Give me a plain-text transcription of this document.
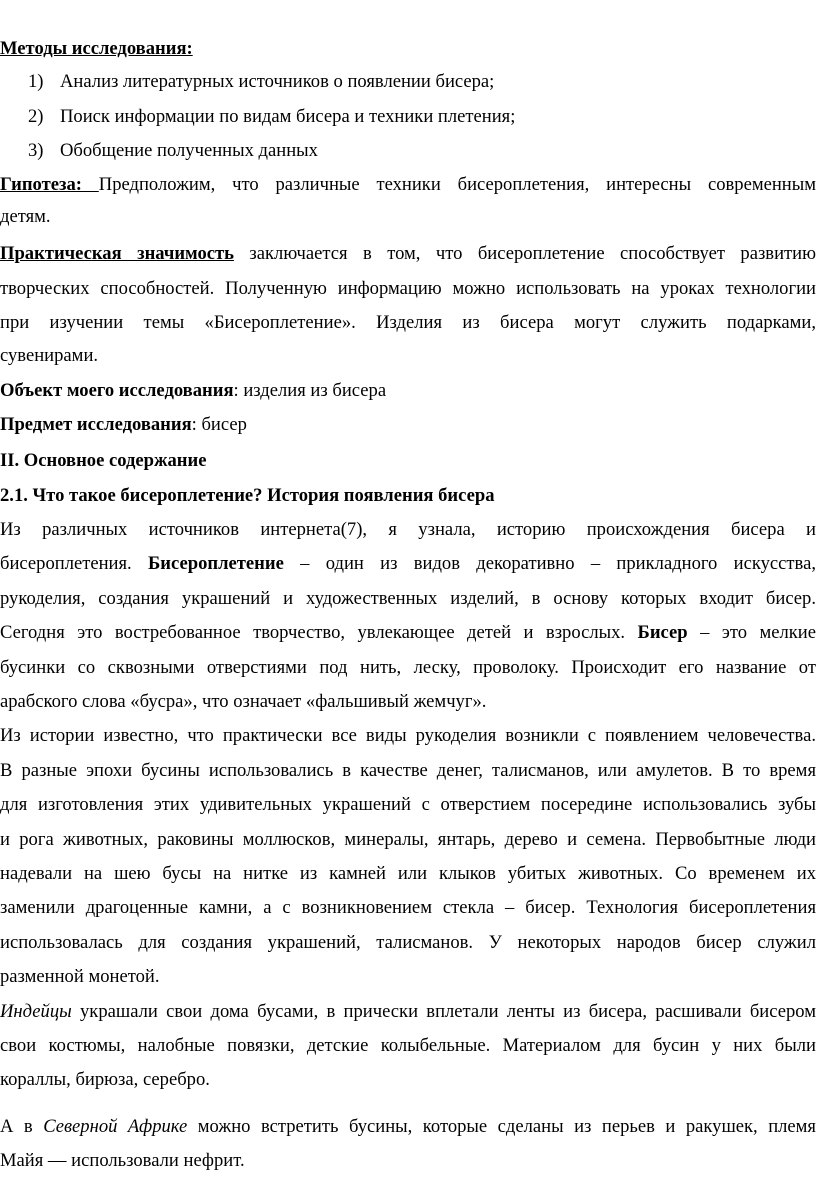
Методы исследования:
1) Анализ литературных источников о появлении бисера;
2) Поиск информации по видам бисера и техники плетения;
3) Обобщение полученных данных
Гипотеза: Предположим, что различные техники бисероплетения, интересны современным
детям.
Практическая значимость заключается в том, что бисероплетение способствует развитию
творческих способностей. Полученную информацию можно использовать на уроках технологии
при изучении темы «Бисероплетение». Изделия из бисера могут служить подарками,
сувенирами.
Объект моего исследования: изделия из бисера
Предмет исследования: бисер
II. Основное содержание
2.1. Что такое бисероплетение? История появления бисера
Из различных источников интернета(7), я узнала, историю происхождения бисера и
бисероплетения. Бисероплетение – один из видов декоративно – прикладного искусства,
рукоделия, создания украшений и художественных изделий, в основу которых входит бисер.
Сегодня это востребованное творчество, увлекающее детей и взрослых. Бисер – это мелкие
бусинки со сквозными отверстиями под нить, леску, проволоку. Происходит его название от
арабского слова «бусра», что означает «фальшивый жемчуг».
Из истории известно, что практически все виды рукоделия возникли с появлением человечества.
В разные эпохи бусины использовались в качестве денег, талисманов, или амулетов. В то время
для изготовления этих удивительных украшений с отверстием посередине использовались зубы
и рога животных, раковины моллюсков, минералы, янтарь, дерево и семена. Первобытные люди
надевали на шею бусы на нитке из камней или клыков убитых животных. Со временем их
заменили драгоценные камни, а с возникновением стекла – бисер. Технология бисероплетения
использовалась для создания украшений, талисманов. У некоторых народов бисер служил
разменной монетой.
Индейцы украшали свои дома бусами, в прически вплетали ленты из бисера, расшивали бисером
свои костюмы, налобные повязки, детские колыбельные. Материалом для бусин у них были
кораллы, бирюза, серебро.
А в Северной Африке можно встретить бусины, которые сделаны из перьев и ракушек, племя
Майя — использовали нефрит.
